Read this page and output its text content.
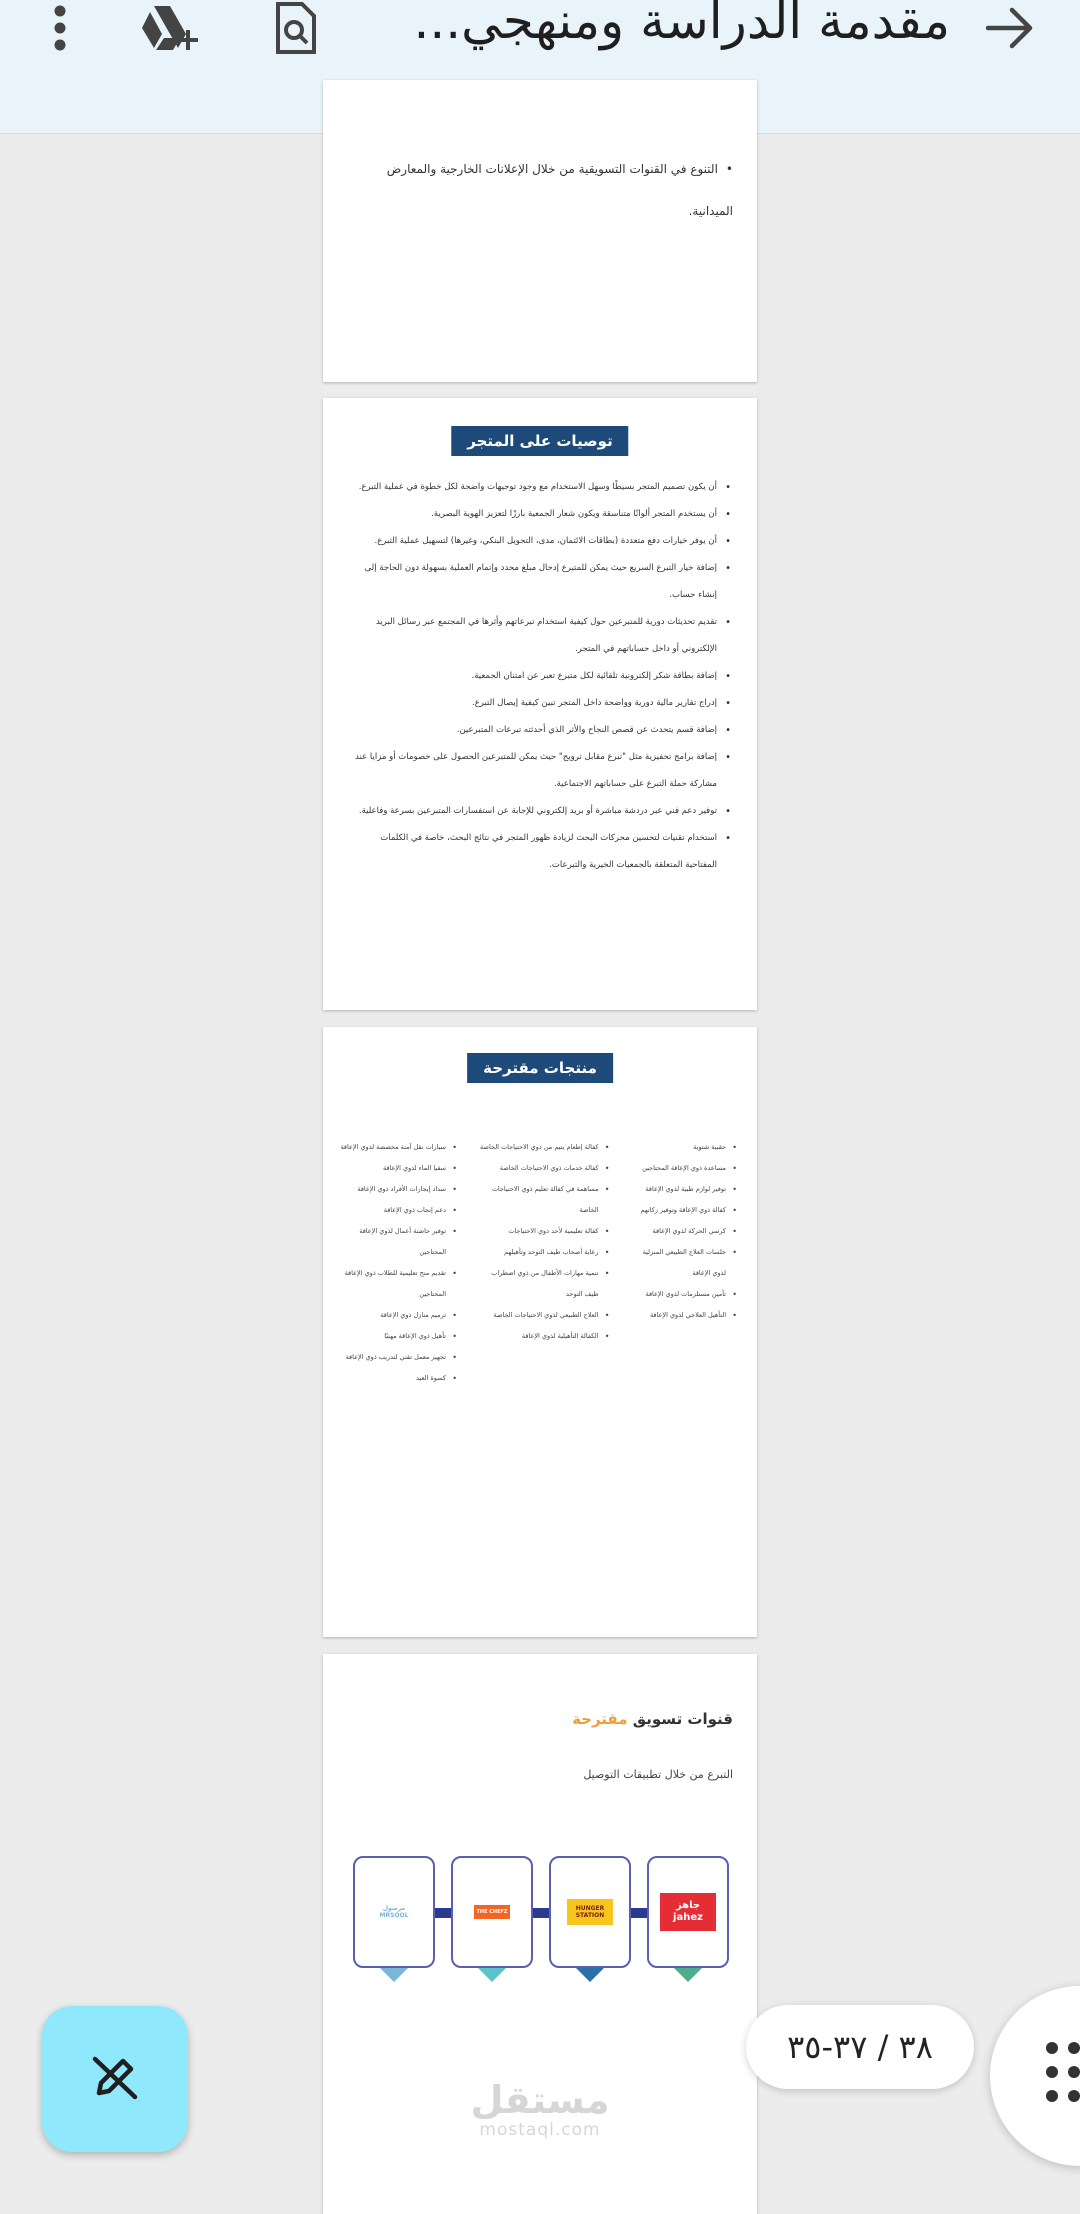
مقدمة الدراسة ومنهجي...
•التنوع في القنوات التسويقية من خلال الإعلانات الخارجية والمعارض الميدانية.
توصيات على المتجر
• أن يكون تصميم المتجر بسيطًا وسهل الاستخدام مع وجود توجيهات واضحة لكل خطوة في عملية التبرع.
• أن يستخدم المتجر ألوانًا متناسقة ويكون شعار الجمعية بارزًا لتعزيز الهوية البصرية.
• أن يوفر خيارات دفع متعددة (بطاقات الائتمان، مدى، التحويل البنكي، وغيرها) لتسهيل عملية التبرع.
• إضافة خيار التبرع السريع حيث يمكن للمتبرع إدخال مبلغ محدد وإتمام العملية بسهولة دون الحاجة إلى إنشاء حساب.
• تقديم تحديثات دورية للمتبرعين حول كيفية استخدام تبرعاتهم وأثرها في المجتمع عبر رسائل البريد الإلكتروني أو داخل حساباتهم في المتجر.
• إضافة بطاقة شكر إلكترونية تلقائية لكل متبرع تعبر عن امتنان الجمعية.
• إدراج تقارير مالية دورية وواضحة داخل المتجر تبين كيفية إيصال التبرع.
• إضافة قسم يتحدث عن قصص النجاح والأثر الذي أحدثته تبرعات المتبرعين.
• إضافة برامج تحفيزية مثل "تبرع مقابل ترويج" حيث يمكن للمتبرعين الحصول على خصومات أو مزايا عند مشاركة حملة التبرع على حساباتهم الاجتماعية.
• توفير دعم فني عبر دردشة مباشرة أو بريد إلكتروني للإجابة عن استفسارات المتبرعين بسرعة وفاعلية.
• استخدام تقنيات لتحسين محركات البحث لزيادة ظهور المتجر في نتائج البحث، خاصة في الكلمات المفتاحية المتعلقة بالجمعيات الخيرية والتبرعات.
منتجات مقترحة
• سيارات نقل آمنة مخصصة لذوي الإعاقة
• سقيا الماء لذوي الإعاقة
• سداد إيجارات الأفراد ذوي الإعاقة
• دعم إنجاب ذوي الإعاقة
• توفير حاضنة أعمال لذوي الإعاقة المحتاجين
• تقديم منح تعليمية للطلاب ذوي الإعاقة المحتاجين
• ترميم منازل ذوي الإعاقة
• تأهيل ذوي الإعاقة مهنيًا
• تجهيز معمل تقني لتدريب ذوي الإعاقة
• كسوة العيد
• كفالة إطعام يتيم من ذوي الاحتياجات الخاصة
• كفالة خدمات ذوي الاحتياجات الخاصة
• مساهمة في كفالة تعليم ذوي الاحتياجات الخاصة
• كفالة تعليمية لأحد ذوي الاحتياجات
• رعاية أصحاب طيف التوحد وتأهيلهم
• تنمية مهارات الأطفال من ذوي اضطراب طيف التوحد
• العلاج الطبيعي لذوي الاحتياجات الخاصة
• الكفالة التأهيلية لذوي الإعاقة
• حقيبة شتوية
• مساعدة ذوي الإعاقة المحتاجين
• توفير لوازم طبية لذوي الإعاقة
• كفالة ذوي الإعاقة وتوفير زكاتهم
• كرسي الحركة لذوي الإعاقة
• جلسات العلاج الطبيعي المنزلية لذوي الإعاقة
• تأمين مستلزمات لذوي الإعاقة
• التأهيل العلاجي لذوي الإعاقة
قنوات تسويق مقترحة
التبرع من خلال تطبيقات التوصيل
مرسول MRSOOL	THE CHEFZ	HUNGER STATION
جاهز jahez
مستقل
mostaql.com
٣٨ / ٣٧-٣٥
